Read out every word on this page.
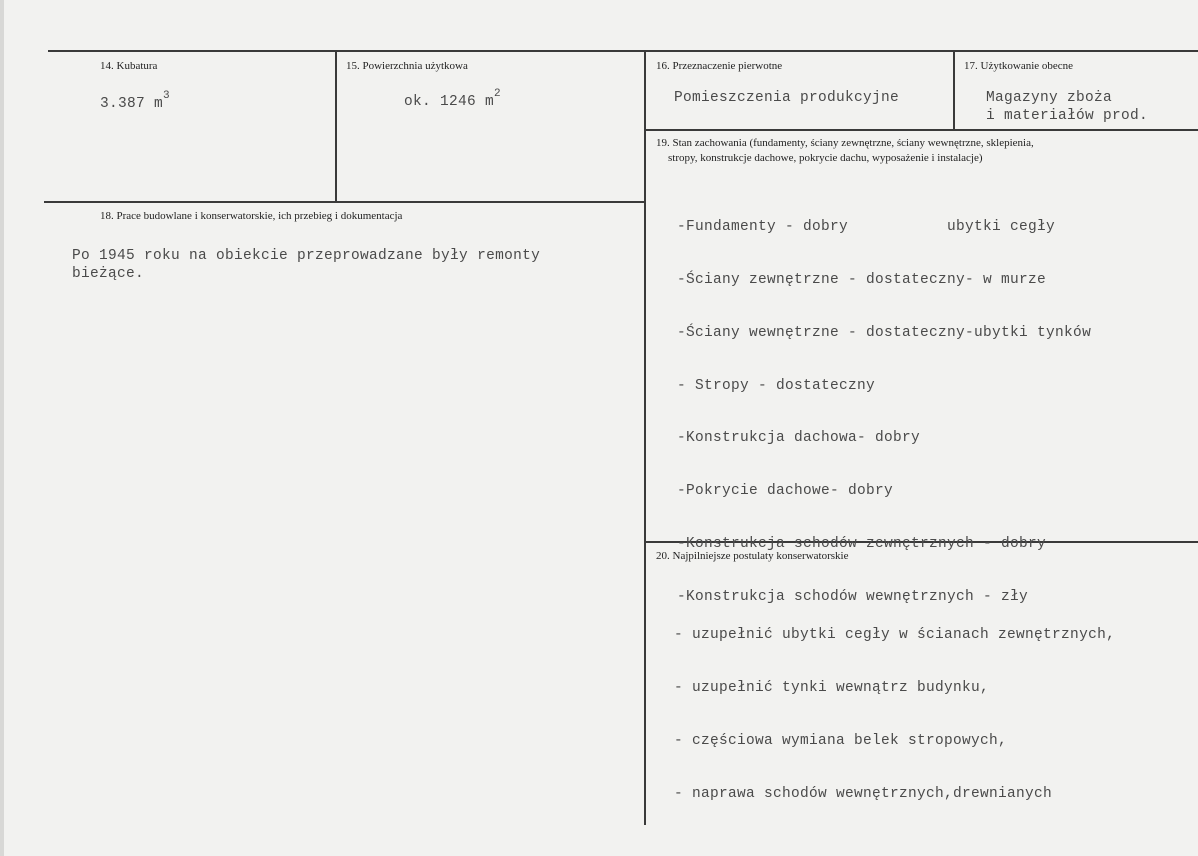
14. Kubatura
3.387 $m^3$
15. Powierzchnia użytkowa
ok. 1246 $m^2$
16. Przeznaczenie pierwotne
Pomieszczenia produkcyjne
17. Użytkowanie obecne
Magazyny zboża
i materiałów prod.
18. Prace budowlane i konserwatorskie, ich przebieg i dokumentacja
Po 1945 roku na obiekcie przeprowadzane były remonty
bieżące.
19. Stan zachowania (fundamenty, ściany zewnętrzne, ściany wewnętrzne, sklepienia,
stropy, konstrukcje dachowe, pokrycie dachu, wyposażenie i instalacje)

-Fundamenty - dobry           ubytki cegły

-Ściany zewnętrzne - dostateczny- w murze

-Ściany wewnętrzne - dostateczny-ubytki tynków

- Stropy - dostateczny

-Konstrukcja dachowa- dobry

-Pokrycie dachowe- dobry

-Konstrukcja schodów zewnętrznych - dobry

-Konstrukcja schodów wewnętrznych - zły

20. Najpilniejsze postulaty konserwatorskie

- uzupełnić ubytki cegły w ścianach zewnętrznych,

- uzupełnić tynki wewnątrz budynku,

- częściowa wymiana belek stropowych,

- naprawa schodów wewnętrznych,drewnianych
